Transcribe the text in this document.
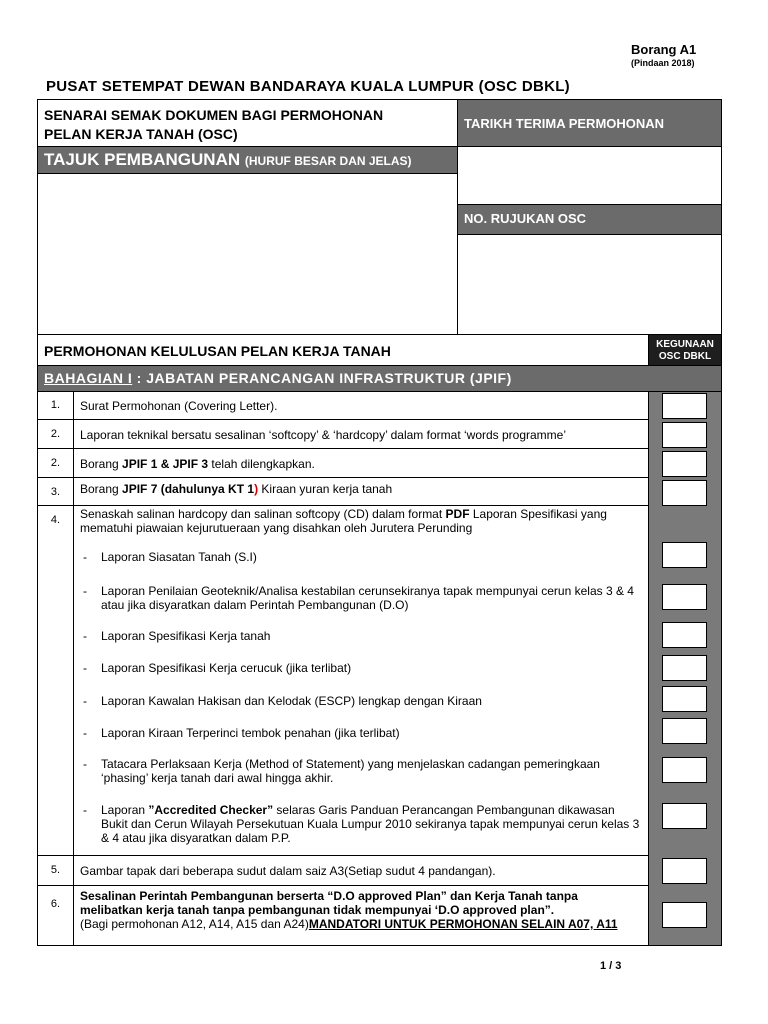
Borang A1
(Pindaan 2018)
PUSAT SETEMPAT DEWAN BANDARAYA KUALA LUMPUR (OSC DBKL)
SENARAI SEMAK DOKUMEN BAGI PERMOHONAN
PELAN KERJA TANAH (OSC)
TARIKH TERIMA PERMOHONAN
TAJUK PEMBANGUNAN (HURUF BESAR DAN JELAS)
NO. RUJUKAN OSC
PERMOHONAN KELULUSAN PELAN KERJA TANAH	KEGUNAAN
OSC DBKL
BAHAGIAN I : JABATAN PERANCANGAN INFRASTRUKTUR (JPIF)
1.	Surat Permohonan (Covering Letter).
2.	Laporan teknikal bersatu sesalinan ‘softcopy’ & ‘hardcopy’ dalam format ‘words programme’
2.	Borang JPIF 1 & JPIF 3 telah dilengkapkan.
3.	Borang JPIF 7 (dahulunya KT 1) Kiraan yuran kerja tanah
4.	Senaskah salinan hardcopy dan salinan softcopy (CD) dalam format PDF Laporan Spesifikasi yang mematuhi piawaian kejurutueraan yang disahkan oleh Jurutera Perunding
-	Laporan Siasatan Tanah (S.I)
-	Laporan Penilaian Geoteknik/Analisa kestabilan cerunsekiranya tapak mempunyai cerun kelas 3 & 4 atau jika disyaratkan dalam Perintah Pembangunan (D.O)
-	Laporan Spesifikasi Kerja tanah
-	Laporan Spesifikasi Kerja cerucuk (jika terlibat)
-	Laporan Kawalan Hakisan dan Kelodak (ESCP) lengkap dengan Kiraan
-	Laporan Kiraan Terperinci tembok penahan (jika terlibat)
-	Tatacara Perlaksaan Kerja (Method of Statement) yang menjelaskan cadangan pemeringkaan ‘phasing’ kerja tanah dari awal hingga akhir.
-	Laporan ”Accredited Checker” selaras Garis Panduan Perancangan Pembangunan dikawasan Bukit dan Cerun Wilayah Persekutuan Kuala Lumpur 2010 sekiranya tapak mempunyai cerun kelas 3 & 4 atau jika disyaratkan dalam P.P.
5.	Gambar tapak dari beberapa sudut dalam saiz A3(Setiap sudut 4 pandangan).
6.
Sesalinan Perintah Pembangunan berserta “D.O approved Plan” dan Kerja Tanah tanpa melibatkan kerja tanah tanpa pembangunan tidak mempunyai ‘D.O approved plan”.
(Bagi permohonan A12, A14, A15 dan A24)MANDATORI UNTUK PERMOHONAN SELAIN A07, A11
1 / 3
